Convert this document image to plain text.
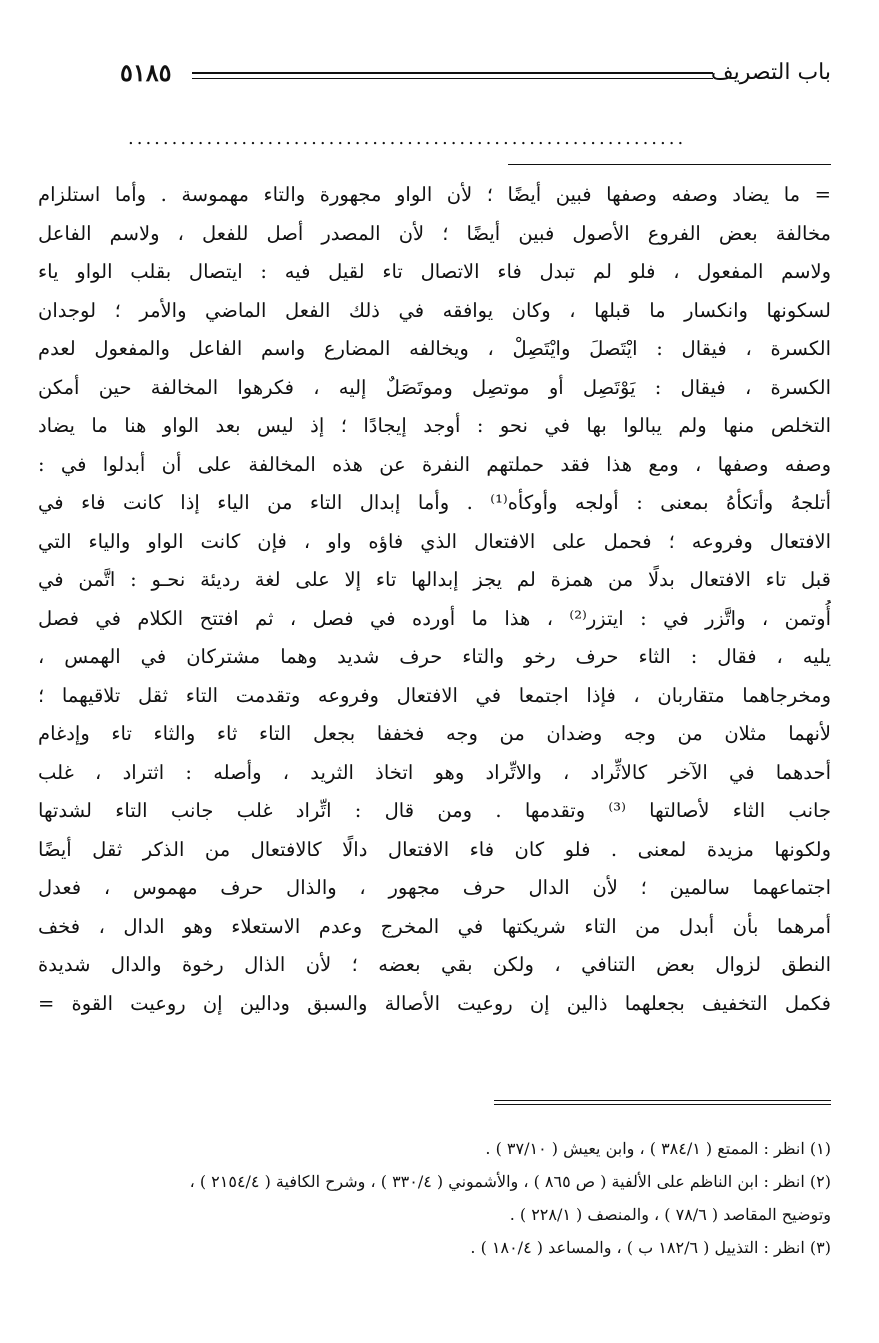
باب التصريف
٥١٨٥
................................................................
= ما يضاد وصفه وصفها فبين أيضًا ؛ لأن الواو مجهورة والتاء مهموسة . وأما استلزام
مخالفة بعض الفروع الأصول فبين أيضًا ؛ لأن المصدر أصل للفعل ، ولاسم الفاعل
ولاسم المفعول ، فلو لم تبدل فاء الاتصال تاء لقيل فيه : ايتصال بقلب الواو ياء
لسكونها وانكسار ما قبلها ، وكان يوافقه في ذلك الفعل الماضي والأمر ؛ لوجدان
الكسرة ، فيقال : ايْتَصلَ وايْتَصِلْ ، ويخالفه المضارع واسم الفاعل والمفعول لعدم
الكسرة ، فيقال : يَوْتَصِل أو موتصِل وموتَصَلٌ إليه ، فكرهوا المخالفة حين أمكن
التخلص منها ولم يبالوا بها في نحو : أوجد إيجادًا ؛ إذ ليس بعد الواو هنا ما يضاد
وصفه وصفها ، ومع هذا فقد حملتهم النفرة عن هذه المخالفة على أن أبدلوا في :
أتلجهُ وأتكأهُ بمعنى : أولجه وأوكأه⁽¹⁾ . وأما إبدال التاء من الياء إذا كانت فاء في
الافتعال وفروعه ؛ فحمل على الافتعال الذي فاؤه واو ، فإن كانت الواو والياء التي
قبل تاء الافتعال بدلًا من همزة لم يجز إبدالها تاء إلا على لغة رديئة نحـو : اتَّمن في
أُوتمن ، واتَّزر في : ايتزر⁽²⁾ ، هذا ما أورده في فصل ، ثم افتتح الكلام في فصل
يليه ، فقال : الثاء حرف رخو والتاء حرف شديد وهما مشتركان في الهمس ،
ومخرجاهما متقاربان ، فإذا اجتمعا في الافتعال وفروعه وتقدمت التاء ثقل تلاقيهما ؛
لأنهما مثلان من وجه وضدان من وجه فخففا بجعل التاء ثاء والثاء تاء وإدغام
أحدهما في الآخر كالاثِّراد ، والاتِّراد وهو اتخاذ الثريد ، وأصله : اثتراد ، غلب
جانب الثاء لأصالتها ⁽³⁾ وتقدمها . ومن قال : اتِّراد غلب جانب التاء لشدتها
ولكونها مزيدة لمعنى . فلو كان فاء الافتعال دالًا كالافتعال من الذكر ثقل أيضًا
اجتماعهما سالمين ؛ لأن الدال حرف مجهور ، والذال حرف مهموس ، فعدل
أمرهما بأن أبدل من التاء شريكتها في المخرج وعدم الاستعلاء وهو الدال ، فخف
النطق لزوال بعض التنافي ، ولكن بقي بعضه ؛ لأن الذال رخوة والدال شديدة
فكمل التخفيف بجعلهما ذالين إن روعيت الأصالة والسبق ودالين إن روعيت القوة =
(١) انظر : الممتع ( ٣٨٤/١ ) ، وابن يعيش ( ٣٧/١٠ ) .
(٢) انظر : ابن الناظم على الألفية ( ص ٨٦٥ ) ، والأشموني ( ٣٣٠/٤ ) ، وشرح الكافية ( ٢١٥٤/٤ ) ،
وتوضيح المقاصد ( ٧٨/٦ ) ، والمنصف ( ٢٢٨/١ ) .
(٣) انظر : التذييل ( ١٨٢/٦ ب ) ، والمساعد ( ١٨٠/٤ ) .
